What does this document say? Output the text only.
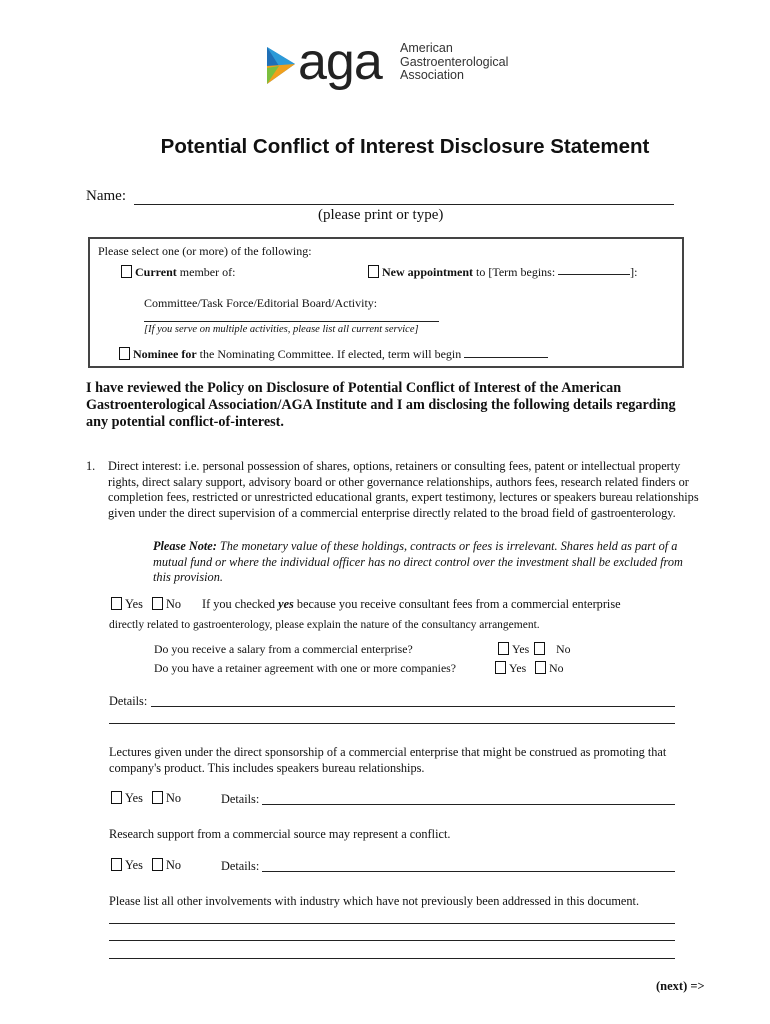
aga American
Gastroenterological
Association
Potential Conflict of Interest Disclosure Statement
Name:
(please print or type)
Please select one (or more) of the following:
Current member of:	New appointment to [Term begins:	]:
Committee/Task Force/Editorial Board/Activity:
[If you serve on multiple activities, please list all current service]
Nominee for the Nominating Committee. If elected, term will begin
I have reviewed the Policy on Disclosure of Potential Conflict of Interest of the American Gastroenterological Association/AGA Institute and I am disclosing the following details regarding any potential conflict-of-interest.
1. Direct interest: i.e. personal possession of shares, options, retainers or consulting fees, patent or intellectual property rights, direct salary support, advisory board or other governance relationships, authors fees, research related finders or completion fees, restricted or unrestricted educational grants, expert testimony, lectures or speakers bureau relationships given under the direct supervision of a commercial enterprise directly related to the broad field of gastroenterology.
Please Note: The monetary value of these holdings, contracts or fees is irrelevant. Shares held as part of a mutual fund or where the individual officer has no direct control over the investment shall be excluded from this provision.
Yes No If you checked yes because you receive consultant fees from a commercial enterprise
directly related to gastroenterology, please explain the nature of the consultancy arrangement.
Do you receive a salary from a commercial enterprise?	Yes No
Do you have a retainer agreement with one or more companies?	Yes No
Details:
Lectures given under the direct sponsorship of a commercial enterprise that might be construed as promoting that company's product. This includes speakers bureau relationships.
Yes No	Details:
Research support from a commercial source may represent a conflict.
Yes No	Details:
Please list all other involvements with industry which have not previously been addressed in this document.
(next) =>
